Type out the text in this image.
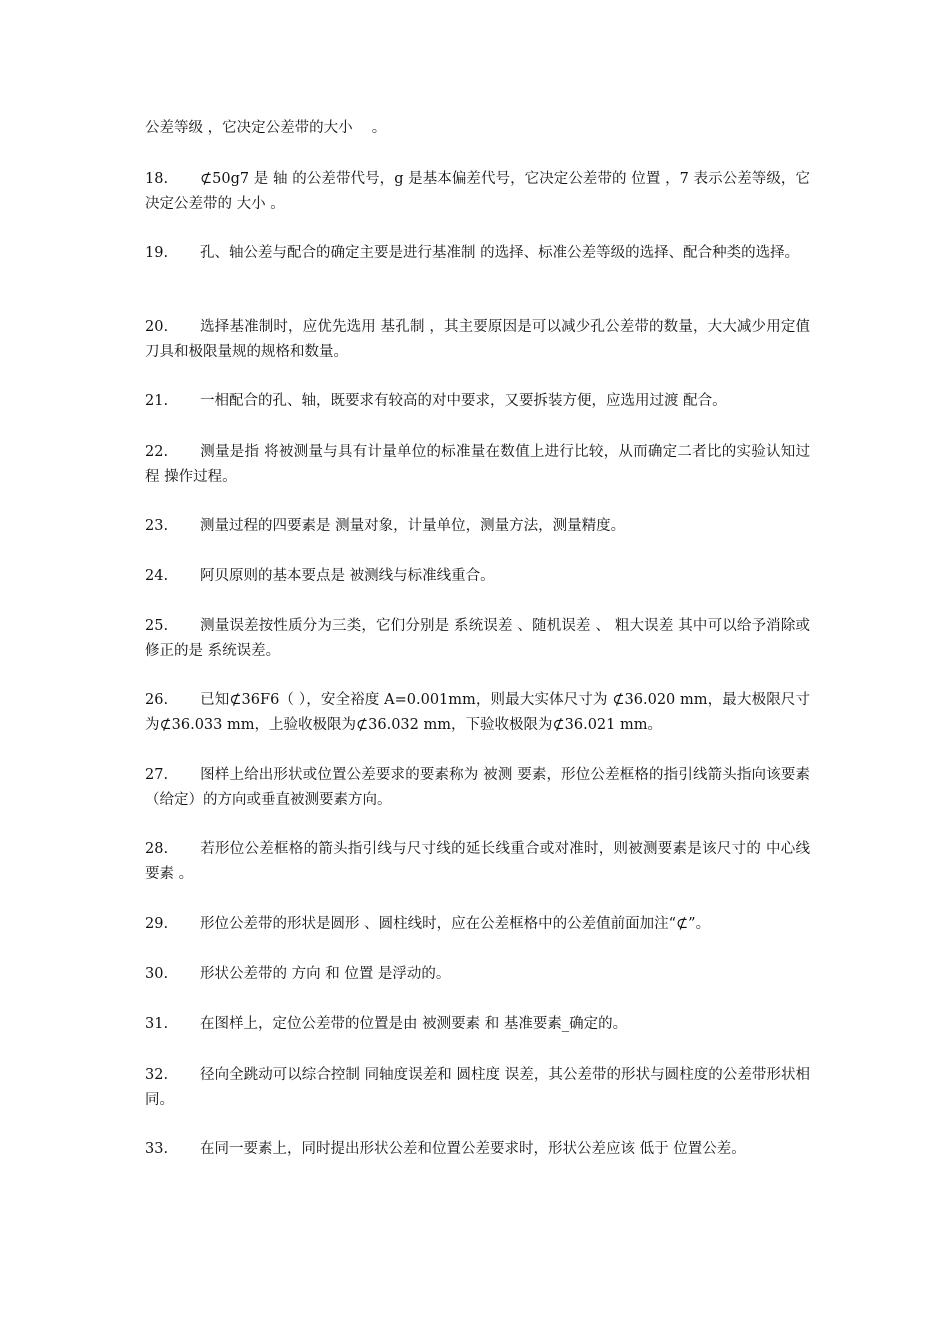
公差等级 ，它决定公差带的大小 　。
18. ⊄50g7 是 轴 的公差带代号，g 是基本偏差代号，它决定公差带的 位置 ，7 表示公差等级，它决定公差带的 大小 。
19. 孔、轴公差与配合的确定主要是进行基准制 的选择、标准公差等级的选择、配合种类的选择。
20. 选择基准制时，应优先选用 基孔制 ，其主要原因是可以减少孔公差带的数量，大大减少用定值刀具和极限量规的规格和数量。
21. 一相配合的孔、轴，既要求有较高的对中要求，又要拆装方便，应选用过渡 配合。
22. 测量是指 将被测量与具有计量单位的标准量在数值上进行比较，从而确定二者比的实验认知过程 操作过程。
23. 测量过程的四要素是 测量对象，计量单位，测量方法，测量精度。
24. 阿贝原则的基本要点是 被测线与标准线重合。
25. 测量误差按性质分为三类，它们分别是 系统误差 、随机误差 、 粗大误差 其中可以给予消除或修正的是 系统误差。
26. 已知⊄36F6（ ），安全裕度 A=0.001mm，则最大实体尺寸为 ⊄36.020 mm，最大极限尺寸为⊄36.033 mm，上验收极限为⊄36.032 mm，下验收极限为⊄36.021 mm。
27. 图样上给出形状或位置公差要求的要素称为 被测 要素，形位公差框格的指引线箭头指向该要素（给定）的方向或垂直被测要素方向。
28. 若形位公差框格的箭头指引线与尺寸线的延长线重合或对准时，则被测要素是该尺寸的 中心线要素 。
29. 形位公差带的形状是圆形 、圆柱线时，应在公差框格中的公差值前面加注“⊄”。
30. 形状公差带的 方向 和 位置 是浮动的。
31. 在图样上，定位公差带的位置是由 被测要素 和 基准要素_确定的。
32. 径向全跳动可以综合控制 同轴度误差和 圆柱度 误差，其公差带的形状与圆柱度的公差带形状相同。
33. 在同一要素上，同时提出形状公差和位置公差要求时，形状公差应该 低于 位置公差。
